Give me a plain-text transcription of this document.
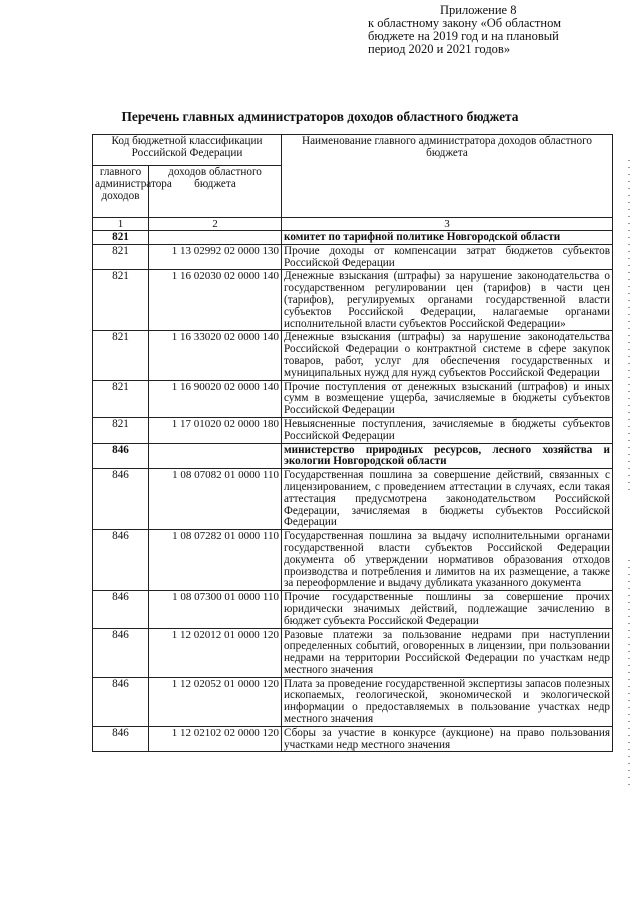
Приложение 8
к областному закону «Об областном
бюджете на 2019 год и на плановый
период 2020 и 2021 годов»
Перечень главных администраторов доходов областного бюджета
Код бюджетной классификации Российской Федерации		Наименование главного администратора доходов областного бюджета
главного администратора доходов	доходов областного бюджета	
1	2	3
821		комитет по тарифной политике Новгородской области
821	1 13 02992 02 0000 130	Прочие доходы от компенсации затрат бюджетов субъектов Российской Федерации
821	1 16 02030 02 0000 140	Денежные взыскания (штрафы) за нарушение законодательства о государственном регулировании цен (тарифов) в части цен (тарифов), регулируемых органами государственной власти субъектов Российской Федерации, налагаемые органами исполнительной власти субъектов Российской Федерации»
821	1 16 33020 02 0000 140	Денежные взыскания (штрафы) за нарушение законодательства Российской Федерации о контрактной системе в сфере закупок товаров, работ, услуг для обеспечения государственных и муниципальных нужд для нужд субъектов Российской Федерации
821	1 16 90020 02 0000 140	Прочие поступления от денежных взысканий (штрафов) и иных сумм в возмещение ущерба, зачисляемые в бюджеты субъектов Российской Федерации
821	1 17 01020 02 0000 180	Невыясненные поступления, зачисляемые в бюджеты субъектов Российской Федерации
846		министерство природных ресурсов, лесного хозяйства и экологии Новгородской области
846	1 08 07082 01 0000 110	Государственная пошлина за совершение действий, связанных с лицензированием, с проведением аттестации в случаях, если такая аттестация предусмотрена законодательством Российской Федерации, зачисляемая в бюджеты субъектов Российской Федерации
846	1 08 07282 01 0000 110	Государственная пошлина за выдачу исполнительными органами государственной власти субъектов Российской Федерации документа об утверждении нормативов образования отходов производства и потребления и лимитов на их размещение, а также за переоформление и выдачу дубликата указанного документа
846	1 08 07300 01 0000 110	Прочие государственные пошлины за совершение прочих юридически значимых действий, подлежащие зачислению в бюджет субъекта Российской Федерации
846	1 12 02012 01 0000 120	Разовые платежи за пользование недрами при наступлении определенных событий, оговоренных в лицензии, при пользовании недрами на территории Российской Федерации по участкам недр местного значения
846	1 12 02052 01 0000 120	Плата за проведение государственной экспертизы запасов полезных ископаемых, геологической, экономической и экологической информации о предоставляемых в пользование участках недр местного значения
846	1 12 02102 02 0000 120	Сборы за участие в конкурсе (аукционе) на право пользования участками недр местного значения
